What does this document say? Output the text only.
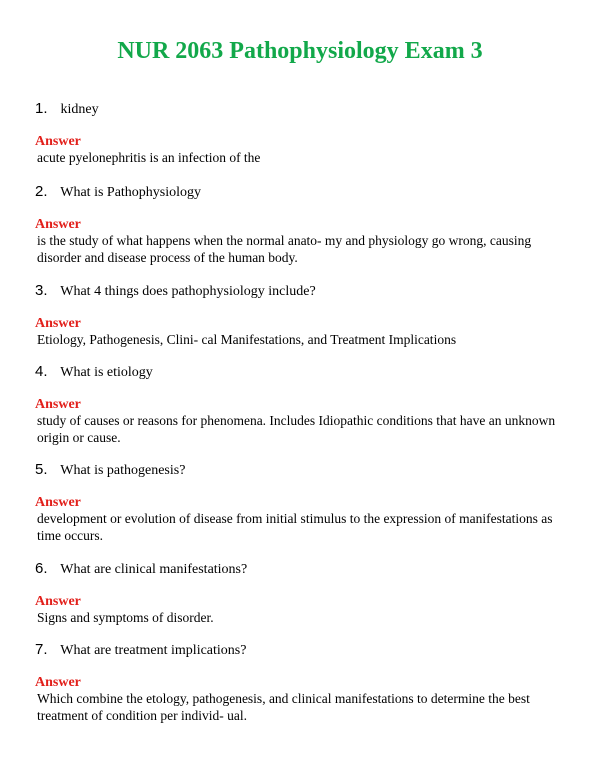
NUR 2063 Pathophysiology Exam 3
1. kidney
Answer
acute pyelonephritis is an infection of the
2. What is Pathophysiology
Answer
is the study of what happens when the normal anato- my and physiology go wrong, causing disorder and disease process of the human body.
3. What 4 things does pathophysiology include?
Answer
Etiology, Pathogenesis, Clini- cal Manifestations, and Treatment Implications
4. What is etiology
Answer
study of causes or reasons for phenomena. Includes Idiopathic conditions that have an unknown origin or cause.
5. What is pathogenesis?
Answer
development or evolution of disease from initial stimulus to the expression of manifestations as time occurs.
6. What are clinical manifestations?
Answer
Signs and symptoms of disorder.
7. What are treatment implications?
Answer
Which combine the etology, pathogenesis, and clinical manifestations to determine the best treatment of condition per individ- ual.
